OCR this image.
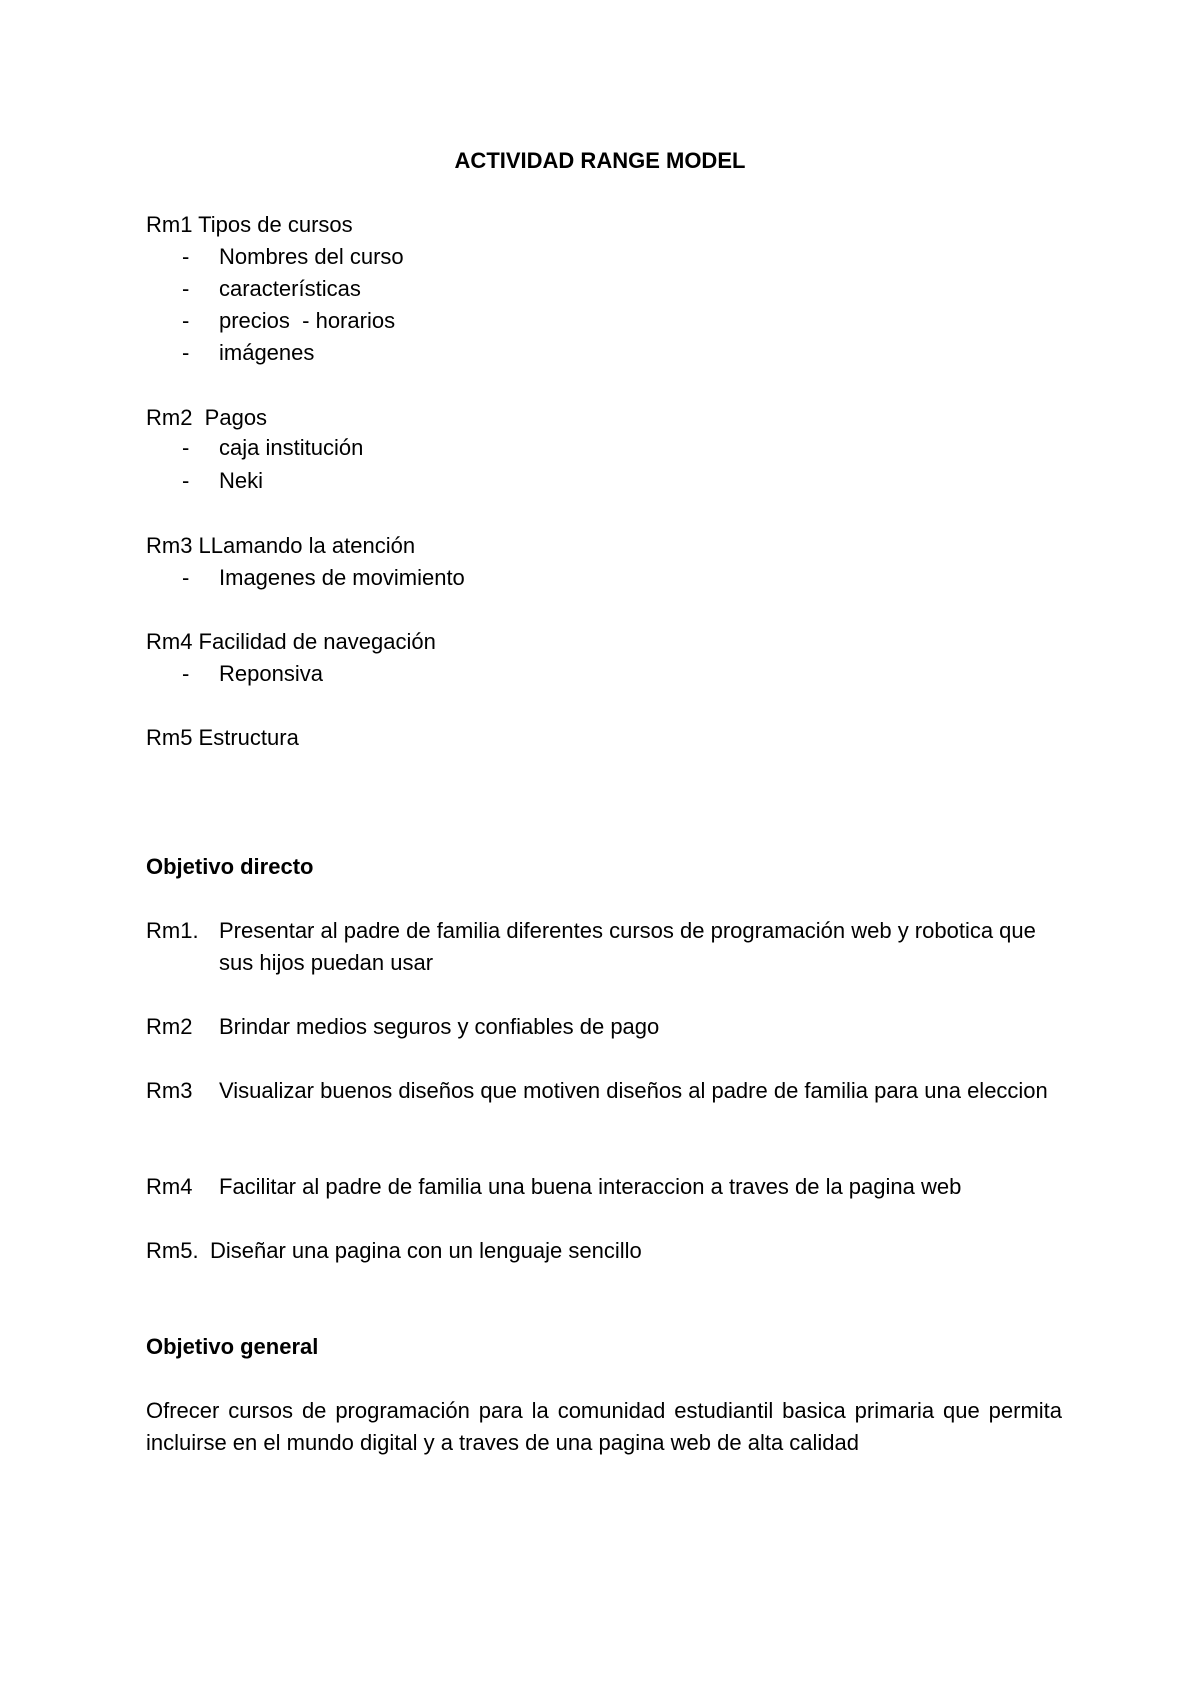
ACTIVIDAD RANGE MODEL
Rm1 Tipos de cursos
- Nombres del curso
- características
- precios  - horarios
- imágenes
Rm2  Pagos
- caja institución
- Neki
Rm3 LLamando la atención
- Imagenes de movimiento
Rm4 Facilidad de navegación
- Reponsiva
Rm5 Estructura
Objetivo directo
Rm1. Presentar al padre de familia diferentes cursos de programación web y robotica que sus hijos puedan usar
Rm2 Brindar medios seguros y confiables de pago
Rm3 Visualizar buenos diseños que motiven diseños al padre de familia para una eleccion
Rm4 Facilitar al padre de familia una buena interaccion a traves de la pagina web
Rm5. Diseñar una pagina con un lenguaje sencillo
Objetivo general
Ofrecer cursos de programación para la comunidad estudiantil basica primaria que permita incluirse en el mundo digital y a traves de una pagina web de alta calidad
